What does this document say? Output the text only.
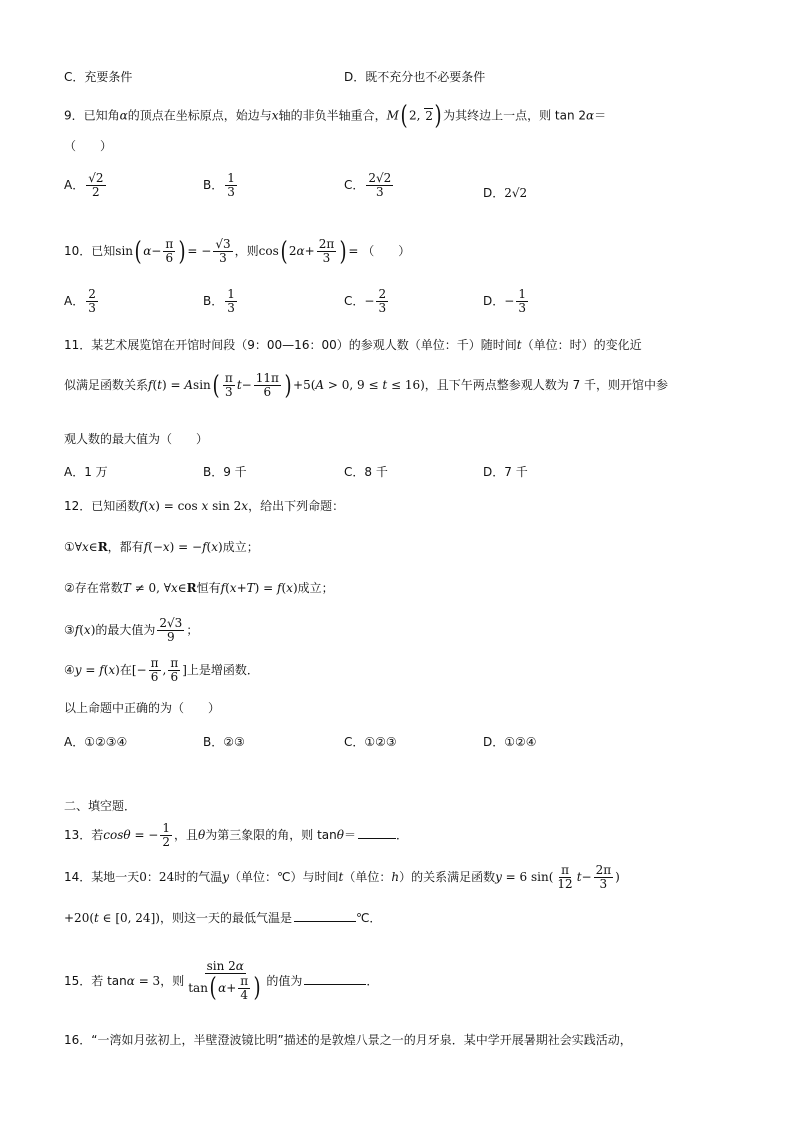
C．充要条件	D．既不充分也不必要条件
9．已知角α的顶点在坐标原点，始边与x轴的非负半轴重合，M( 2, 2) 为其终边上一点，则 tan 2α＝
（　　）
A． $\frac{√2}{2}$	B． $\frac{1}{3}$	C． $\frac{2√2}{3}$	D．2√2
10．已知sin( $\alpha- \frac{\pi}{6}$ ) = − $\frac{√3}{3}$ ，则cos( $2\alpha+ \frac{2\pi}{3}$ ) = （　　）
A． $\frac{2}{3}$	B． $\frac{1}{3}$	C．− $\frac{2}{3}$	D．− $\frac{1}{3}$
11．某艺术展览馆在开馆时间段（9：00—16：00）的参观人数（单位：千）随时间t（单位：时）的变化近
似满足函数关系$f(t) = Asin( \frac{\pi}{3} t- \frac{11\pi}{6}$ ) +5(A > 0, 9 ≤ t ≤ 16)，且下午两点整参观人数为 7 千，则开馆中参
观人数的最大值为（　　）
A．1 万	B．9 千	C．8 千	D．7 千
12．已知函数f(x) = cos x sin 2x，给出下列命题：
①∀x∈R，都有f(−x) = −f(x)成立；
②存在常数T ≠ 0, ∀x∈R恒有f(x+T) = f(x)成立；
③f(x)的最大值为 $\frac{2√3}{9}$ ；
④y = f(x)在[− $\frac{\pi}{6}$ , $\frac{\pi}{6}$ ]上是增函数．
以上命题中正确的为（　　）
A．①②③④	B．②③	C．①②③	D．①②④
二、填空题．
13．若cosθ = − $\frac{1}{2}$ ，且θ为第三象限的角，则 tanθ＝	．
14．某地一天0：24时的气温y（单位：℃）与时间t（单位：h）的关系满足函数y = 6 $\sin( \frac{\pi}{12} t- \frac{2\pi}{3}$ )
+20(t ∈ [0, 24])，则这一天的最低气温是	℃．
15．若 tanα = 3，则 $\frac{\sin 2\alpha}{\tan( \alpha+ \frac{\pi}{4} )}$ 的值为	．
16．“一湾如月弦初上，半壁澄波镜比明”描述的是敦煌八景之一的月牙泉．某中学开展暑期社会实践活动，
